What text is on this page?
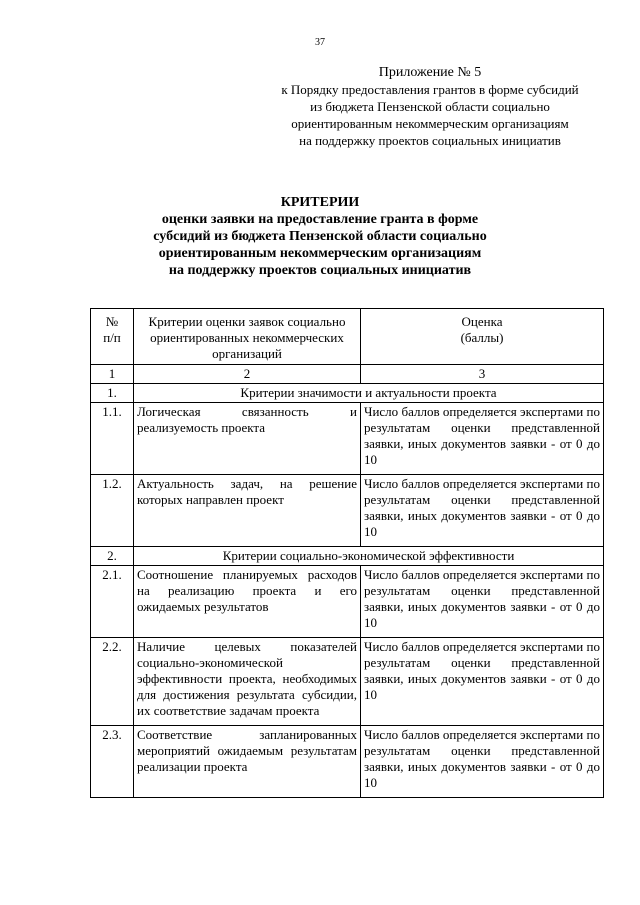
37
Приложение № 5
к Порядку предоставления грантов в форме субсидий
из бюджета Пензенской области социально
ориентированным некоммерческим организациям
на поддержку проектов социальных инициатив
КРИТЕРИИ
оценки заявки на предоставление гранта в форме
субсидий из бюджета Пензенской области социально
ориентированным некоммерческим организациям
на поддержку проектов социальных инициатив
№
п/п	Критерии оценки заявок социально ориентированных некоммерческих организаций	Оценка
(баллы)
1	2	3
1.	Критерии значимости и актуальности проекта	
1.1.	Логическая связанность и реализуемость проекта	Число баллов определяется экспертами по результатам оценки представленной заявки, иных документов заявки - от 0 до 10
1.2.	Актуальность задач, на решение которых направлен проект	Число баллов определяется экспертами по результатам оценки представленной заявки, иных документов заявки - от 0 до 10
2.	Критерии социально-экономической эффективности	
2.1.	Соотношение планируемых расходов на реализацию проекта и его ожидаемых результатов	Число баллов определяется экспертами по результатам оценки представленной заявки, иных документов заявки - от 0 до 10
2.2.	Наличие целевых показателей социально-экономической эффективности проекта, необходимых для достижения результата субсидии, их соответствие задачам проекта	Число баллов определяется экспертами по результатам оценки представленной заявки, иных документов заявки - от 0 до 10
2.3.	Соответствие запланированных мероприятий ожидаемым результатам реализации проекта	Число баллов определяется экспертами по результатам оценки представленной заявки, иных документов заявки - от 0 до 10
